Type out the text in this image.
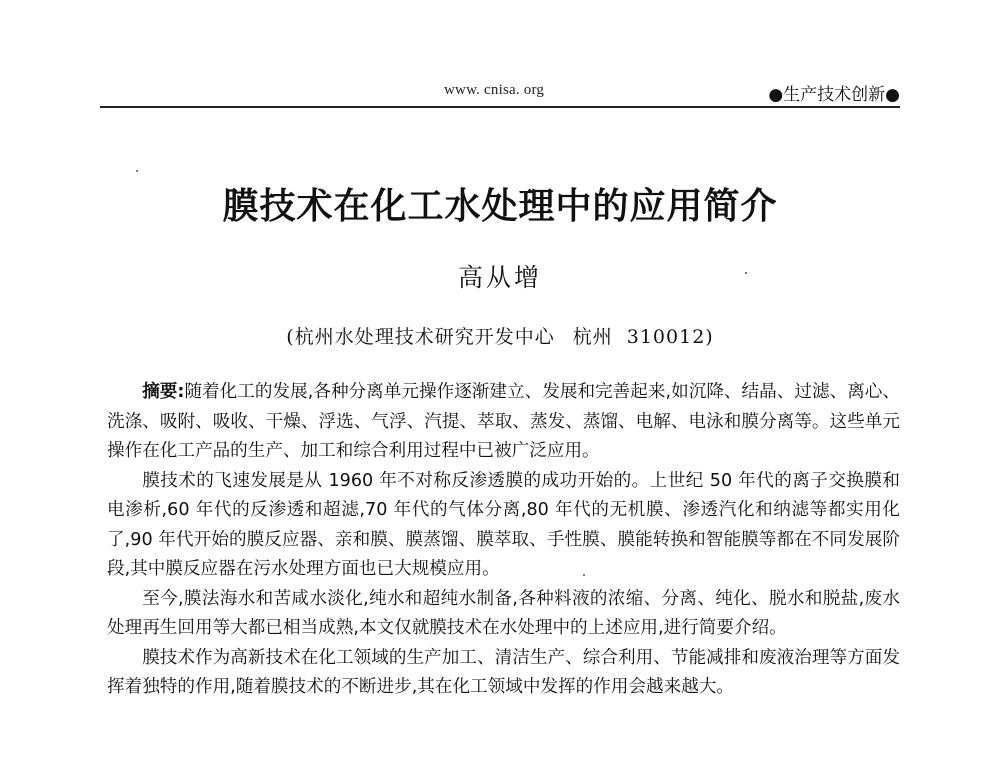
www. cnisa. org	●生产技术创新●
膜技术在化工水处理中的应用简介
高从增
(杭州水处理技术研究开发中心 杭州 310012)

摘要:随着化工的发展,各种分离单元操作逐渐建立、发展和完善起来,如沉降、结晶、过滤、离心、洗涤、吸附、吸收、干燥、浮选、气浮、汽提、萃取、蒸发、蒸馏、电解、电泳和膜分离等。这些单元操作在化工产品的生产、加工和综合利用过程中已被广泛应用。

膜技术的飞速发展是从 1960 年不对称反渗透膜的成功开始的。上世纪 50 年代的离子交换膜和电渗析,60 年代的反渗透和超滤,70 年代的气体分离,80 年代的无机膜、渗透汽化和纳滤等都实用化了,90 年代开始的膜反应器、亲和膜、膜蒸馏、膜萃取、手性膜、膜能转换和智能膜等都在不同发展阶段,其中膜反应器在污水处理方面也已大规模应用。

至今,膜法海水和苦咸水淡化,纯水和超纯水制备,各种料液的浓缩、分离、纯化、脱水和脱盐,废水处理再生回用等大都已相当成熟,本文仅就膜技术在水处理中的上述应用,进行简要介绍。

膜技术作为高新技术在化工领域的生产加工、清洁生产、综合利用、节能减排和废液治理等方面发挥着独特的作用,随着膜技术的不断进步,其在化工领域中发挥的作用会越来越大。
